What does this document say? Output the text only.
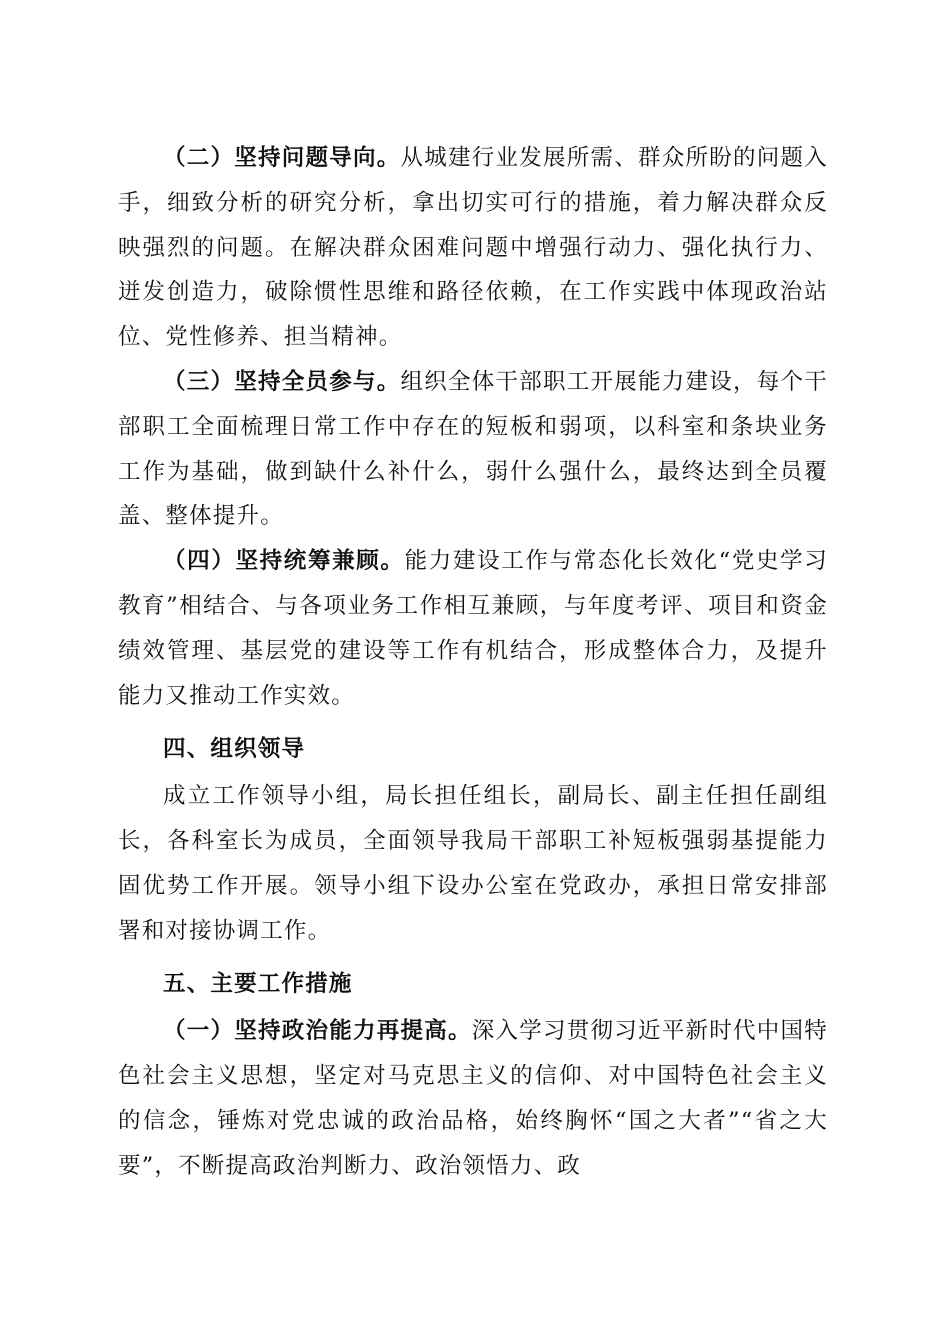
（二）坚持问题导向。从城建行业发展所需、群众所盼的问题入手，细致分析的研究分析，拿出切实可行的措施，着力解决群众反映强烈的问题。在解决群众困难问题中增强行动力、强化执行力、迸发创造力，破除惯性思维和路径依赖，在工作实践中体现政治站位、党性修养、担当精神。

（三）坚持全员参与。组织全体干部职工开展能力建设，每个干部职工全面梳理日常工作中存在的短板和弱项，以科室和条块业务工作为基础，做到缺什么补什么，弱什么强什么，最终达到全员覆盖、整体提升。

（四）坚持统筹兼顾。能力建设工作与常态化长效化“党史学习教育”相结合、与各项业务工作相互兼顾，与年度考评、项目和资金绩效管理、基层党的建设等工作有机结合，形成整体合力，及提升能力又推动工作实效。

四、组织领导

成立工作领导小组，局长担任组长，副局长、副主任担任副组长，各科室长为成员，全面领导我局干部职工补短板强弱基提能力固优势工作开展。领导小组下设办公室在党政办，承担日常安排部署和对接协调工作。

五、主要工作措施

（一）坚持政治能力再提高。深入学习贯彻习近平新时代中国特色社会主义思想，坚定对马克思主义的信仰、对中国特色社会主义的信念，锤炼对党忠诚的政治品格，始终胸怀“国之大者”“省之大要”，不断提高政治判断力、政治领悟力、政
